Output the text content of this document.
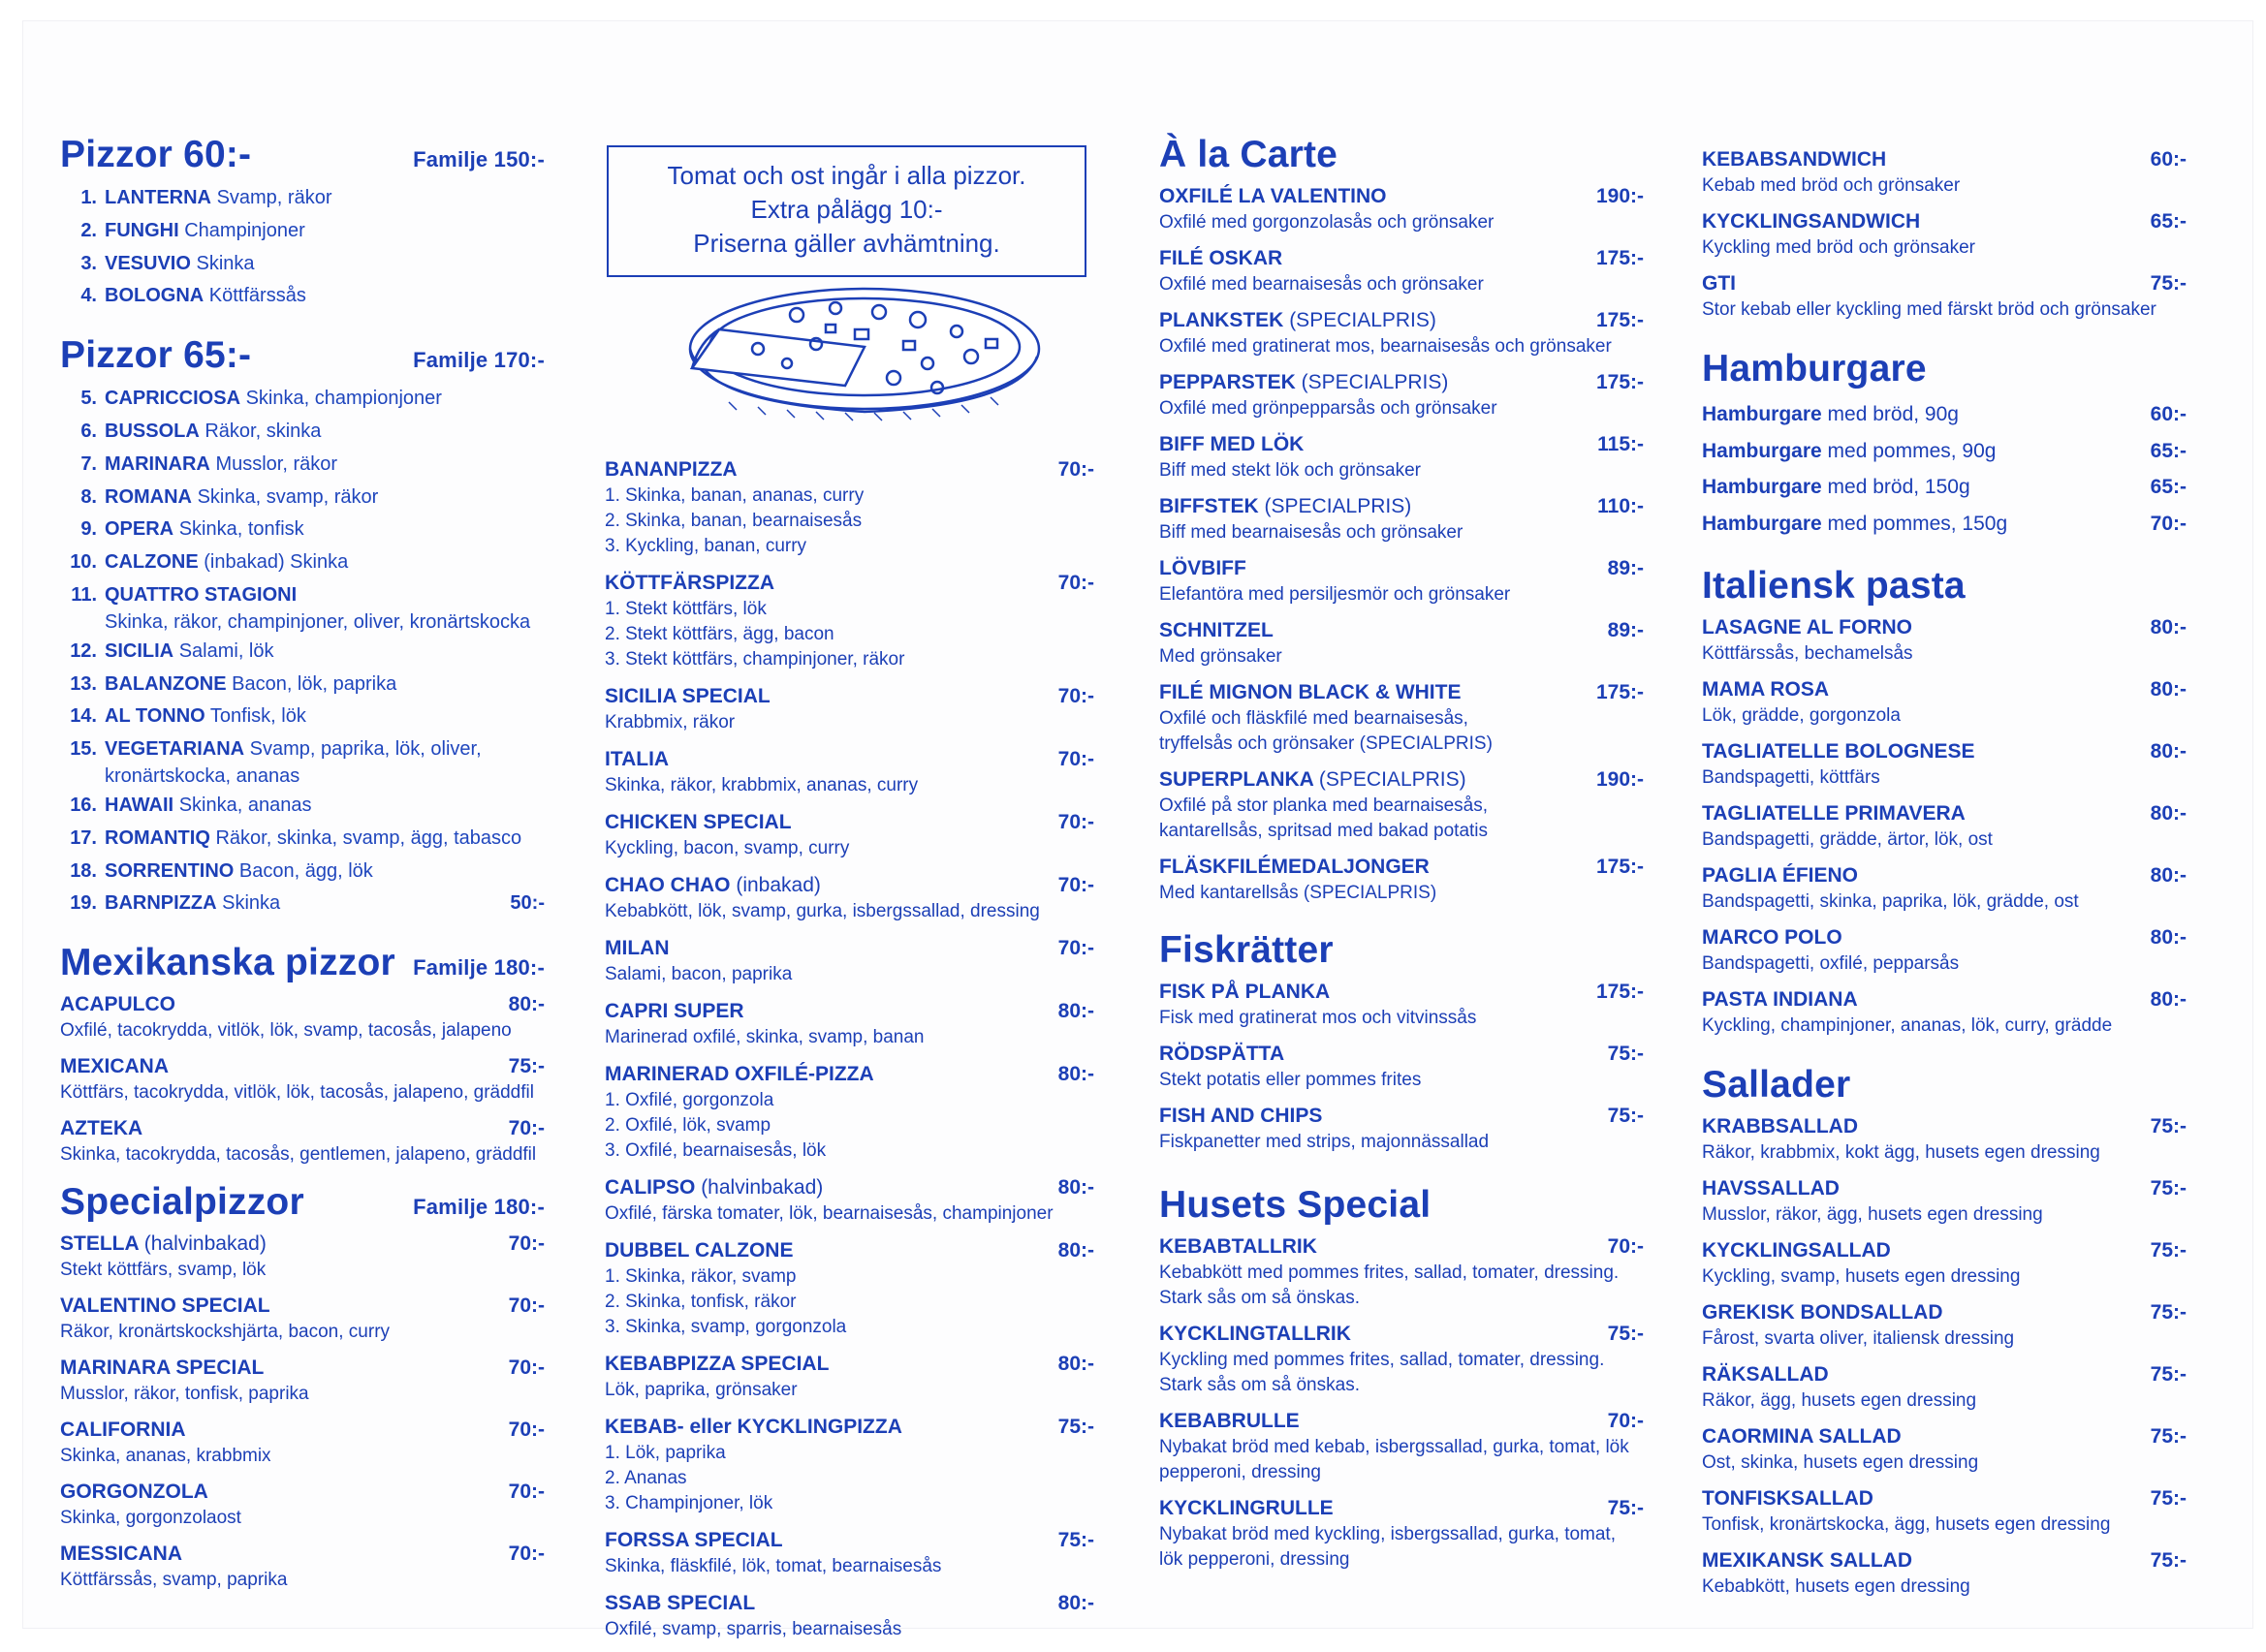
Pizzor 60:-	Familje 150:-
1. LANTERNA Svamp, räkor
2. FUNGHI Champinjoner
3. VESUVIO Skinka
4. BOLOGNA Köttfärssås
Pizzor 65:-	Familje 170:-
5. CAPRICCIOSA Skinka, championjoner
6. BUSSOLA Räkor, skinka
7. MARINARA Musslor, räkor
8. ROMANA Skinka, svamp, räkor
9. OPERA Skinka, tonfisk
10. CALZONE (inbakad) Skinka
11. QUATTRO STAGIONI
Skinka, räkor, champinjoner, oliver, kronärtskocka
12. SICILIA Salami, lök
13. BALANZONE Bacon, lök, paprika
14. AL TONNO Tonfisk, lök
15. VEGETARIANA Svamp, paprika, lök, oliver,
kronärtskocka, ananas
16. HAWAII Skinka, ananas
17. ROMANTIQ Räkor, skinka, svamp, ägg, tabasco
18. SORRENTINO Bacon, ägg, lök
19. BARNPIZZA Skinka	50:-
Mexikanska pizzor Familje 180:-
ACAPULCO	80:-
Oxfilé, tacokrydda, vitlök, lök, svamp, tacosås, jalapeno
MEXICANA	75:-
Köttfärs, tacokrydda, vitlök, lök, tacosås, jalapeno, gräddfil
AZTEKA	70:-
Skinka, tacokrydda, tacosås, gentlemen, jalapeno, gräddfil
Specialpizzor	Familje 180:-
STELLA (halvinbakad)	70:-
Stekt köttfärs, svamp, lök
VALENTINO SPECIAL	70:-
Räkor, kronärtskockshjärta, bacon, curry
MARINARA SPECIAL	70:-
Musslor, räkor, tonfisk, paprika
CALIFORNIA	70:-
Skinka, ananas, krabbmix
GORGONZOLA	70:-
Skinka, gorgonzolaost
MESSICANA	70:-
Köttfärssås, svamp, paprika
Tomat och ost ingår i alla pizzor.
Extra pålägg 10:-
Priserna gäller avhämtning.
BANANPIZZA	70:-
1. Skinka, banan, ananas, curry
2. Skinka, banan, bearnaisesås
3. Kyckling, banan, curry
KÖTTFÄRSPIZZA	70:-
1. Stekt köttfärs, lök
2. Stekt köttfärs, ägg, bacon
3. Stekt köttfärs, champinjoner, räkor
SICILIA SPECIAL	70:-
Krabbmix, räkor
ITALIA	70:-
Skinka, räkor, krabbmix, ananas, curry
CHICKEN SPECIAL	70:-
Kyckling, bacon, svamp, curry
CHAO CHAO (inbakad)	70:-
Kebabkött, lök, svamp, gurka, isbergssallad, dressing
MILAN	70:-
Salami, bacon, paprika
CAPRI SUPER	80:-
Marinerad oxfilé, skinka, svamp, banan
MARINERAD OXFILÉ-PIZZA	80:-
1. Oxfilé, gorgonzola
2. Oxfilé, lök, svamp
3. Oxfilé, bearnaisesås, lök
CALIPSO (halvinbakad)	80:-
Oxfilé, färska tomater, lök, bearnaisesås, champinjoner
DUBBEL CALZONE	80:-
1. Skinka, räkor, svamp
2. Skinka, tonfisk, räkor
3. Skinka, svamp, gorgonzola
KEBABPIZZA SPECIAL	80:-
Lök, paprika, grönsaker
KEBAB- eller KYCKLINGPIZZA	75:-
1. Lök, paprika
2. Ananas
3. Champinjoner, lök
FORSSA SPECIAL	75:-
Skinka, fläskfilé, lök, tomat, bearnaisesås
SSAB SPECIAL	80:-
Oxfilé, svamp, sparris, bearnaisesås
À la Carte
OXFILÉ LA VALENTINO	190:-
Oxfilé med gorgonzolasås och grönsaker
FILÉ OSKAR	175:-
Oxfilé med bearnaisesås och grönsaker
PLANKSTEK (SPECIALPRIS)	175:-
Oxfilé med gratinerat mos, bearnaisesås och grönsaker
PEPPARSTEK (SPECIALPRIS)	175:-
Oxfilé med grönpepparsås och grönsaker
BIFF MED LÖK	115:-
Biff med stekt lök och grönsaker
BIFFSTEK (SPECIALPRIS)	110:-
Biff med bearnaisesås och grönsaker
LÖVBIFF	89:-
Elefantöra med persiljesmör och grönsaker
SCHNITZEL	89:-
Med grönsaker
FILÉ MIGNON BLACK & WHITE	175:-
Oxfilé och fläskfilé med bearnaisesås,
tryffelsås och grönsaker (SPECIALPRIS)
SUPERPLANKA (SPECIALPRIS)	190:-
Oxfilé på stor planka med bearnaisesås,
kantarellsås, spritsad med bakad potatis
FLÄSKFILÉMEDALJONGER	175:-
Med kantarellsås (SPECIALPRIS)
Fiskrätter
FISK PÅ PLANKA	175:-
Fisk med gratinerat mos och vitvinssås
RÖDSPÄTTA	75:-
Stekt potatis eller pommes frites
FISH AND CHIPS	75:-
Fiskpanetter med strips, majonnässallad
Husets Special
KEBABTALLRIK	70:-
Kebabkött med pommes frites, sallad, tomater, dressing.
Stark sås om så önskas.
KYCKLINGTALLRIK	75:-
Kyckling med pommes frites, sallad, tomater, dressing.
Stark sås om så önskas.
KEBABRULLE	70:-
Nybakat bröd med kebab, isbergssallad, gurka, tomat, lök
pepperoni, dressing
KYCKLINGRULLE	75:-
Nybakat bröd med kyckling, isbergssallad, gurka, tomat,
lök pepperoni, dressing
KEBABSANDWICH	60:-
Kebab med bröd och grönsaker
KYCKLINGSANDWICH	65:-
Kyckling med bröd och grönsaker
GTI	75:-
Stor kebab eller kyckling med färskt bröd och grönsaker
Hamburgare
Hamburgare med bröd, 90g	60:-
Hamburgare med pommes, 90g	65:-
Hamburgare med bröd, 150g	65:-
Hamburgare med pommes, 150g	70:-
Italiensk pasta
LASAGNE AL FORNO	80:-
Köttfärssås, bechamelsås
MAMA ROSA	80:-
Lök, grädde, gorgonzola
TAGLIATELLE BOLOGNESE	80:-
Bandspagetti, köttfärs
TAGLIATELLE PRIMAVERA	80:-
Bandspagetti, grädde, ärtor, lök, ost
PAGLIA ÉFIENO	80:-
Bandspagetti, skinka, paprika, lök, grädde, ost
MARCO POLO	80:-
Bandspagetti, oxfilé, pepparsås
PASTA INDIANA	80:-
Kyckling, champinjoner, ananas, lök, curry, grädde
Sallader
KRABBSALLAD	75:-
Räkor, krabbmix, kokt ägg, husets egen dressing
HAVSSALLAD	75:-
Musslor, räkor, ägg, husets egen dressing
KYCKLINGSALLAD	75:-
Kyckling, svamp, husets egen dressing
GREKISK BONDSALLAD	75:-
Fårost, svarta oliver, italiensk dressing
RÄKSALLAD	75:-
Räkor, ägg, husets egen dressing
CAORMINA SALLAD	75:-
Ost, skinka, husets egen dressing
TONFISKSALLAD	75:-
Tonfisk, kronärtskocka, ägg, husets egen dressing
MEXIKANSK SALLAD	75:-
Kebabkött, husets egen dressing
